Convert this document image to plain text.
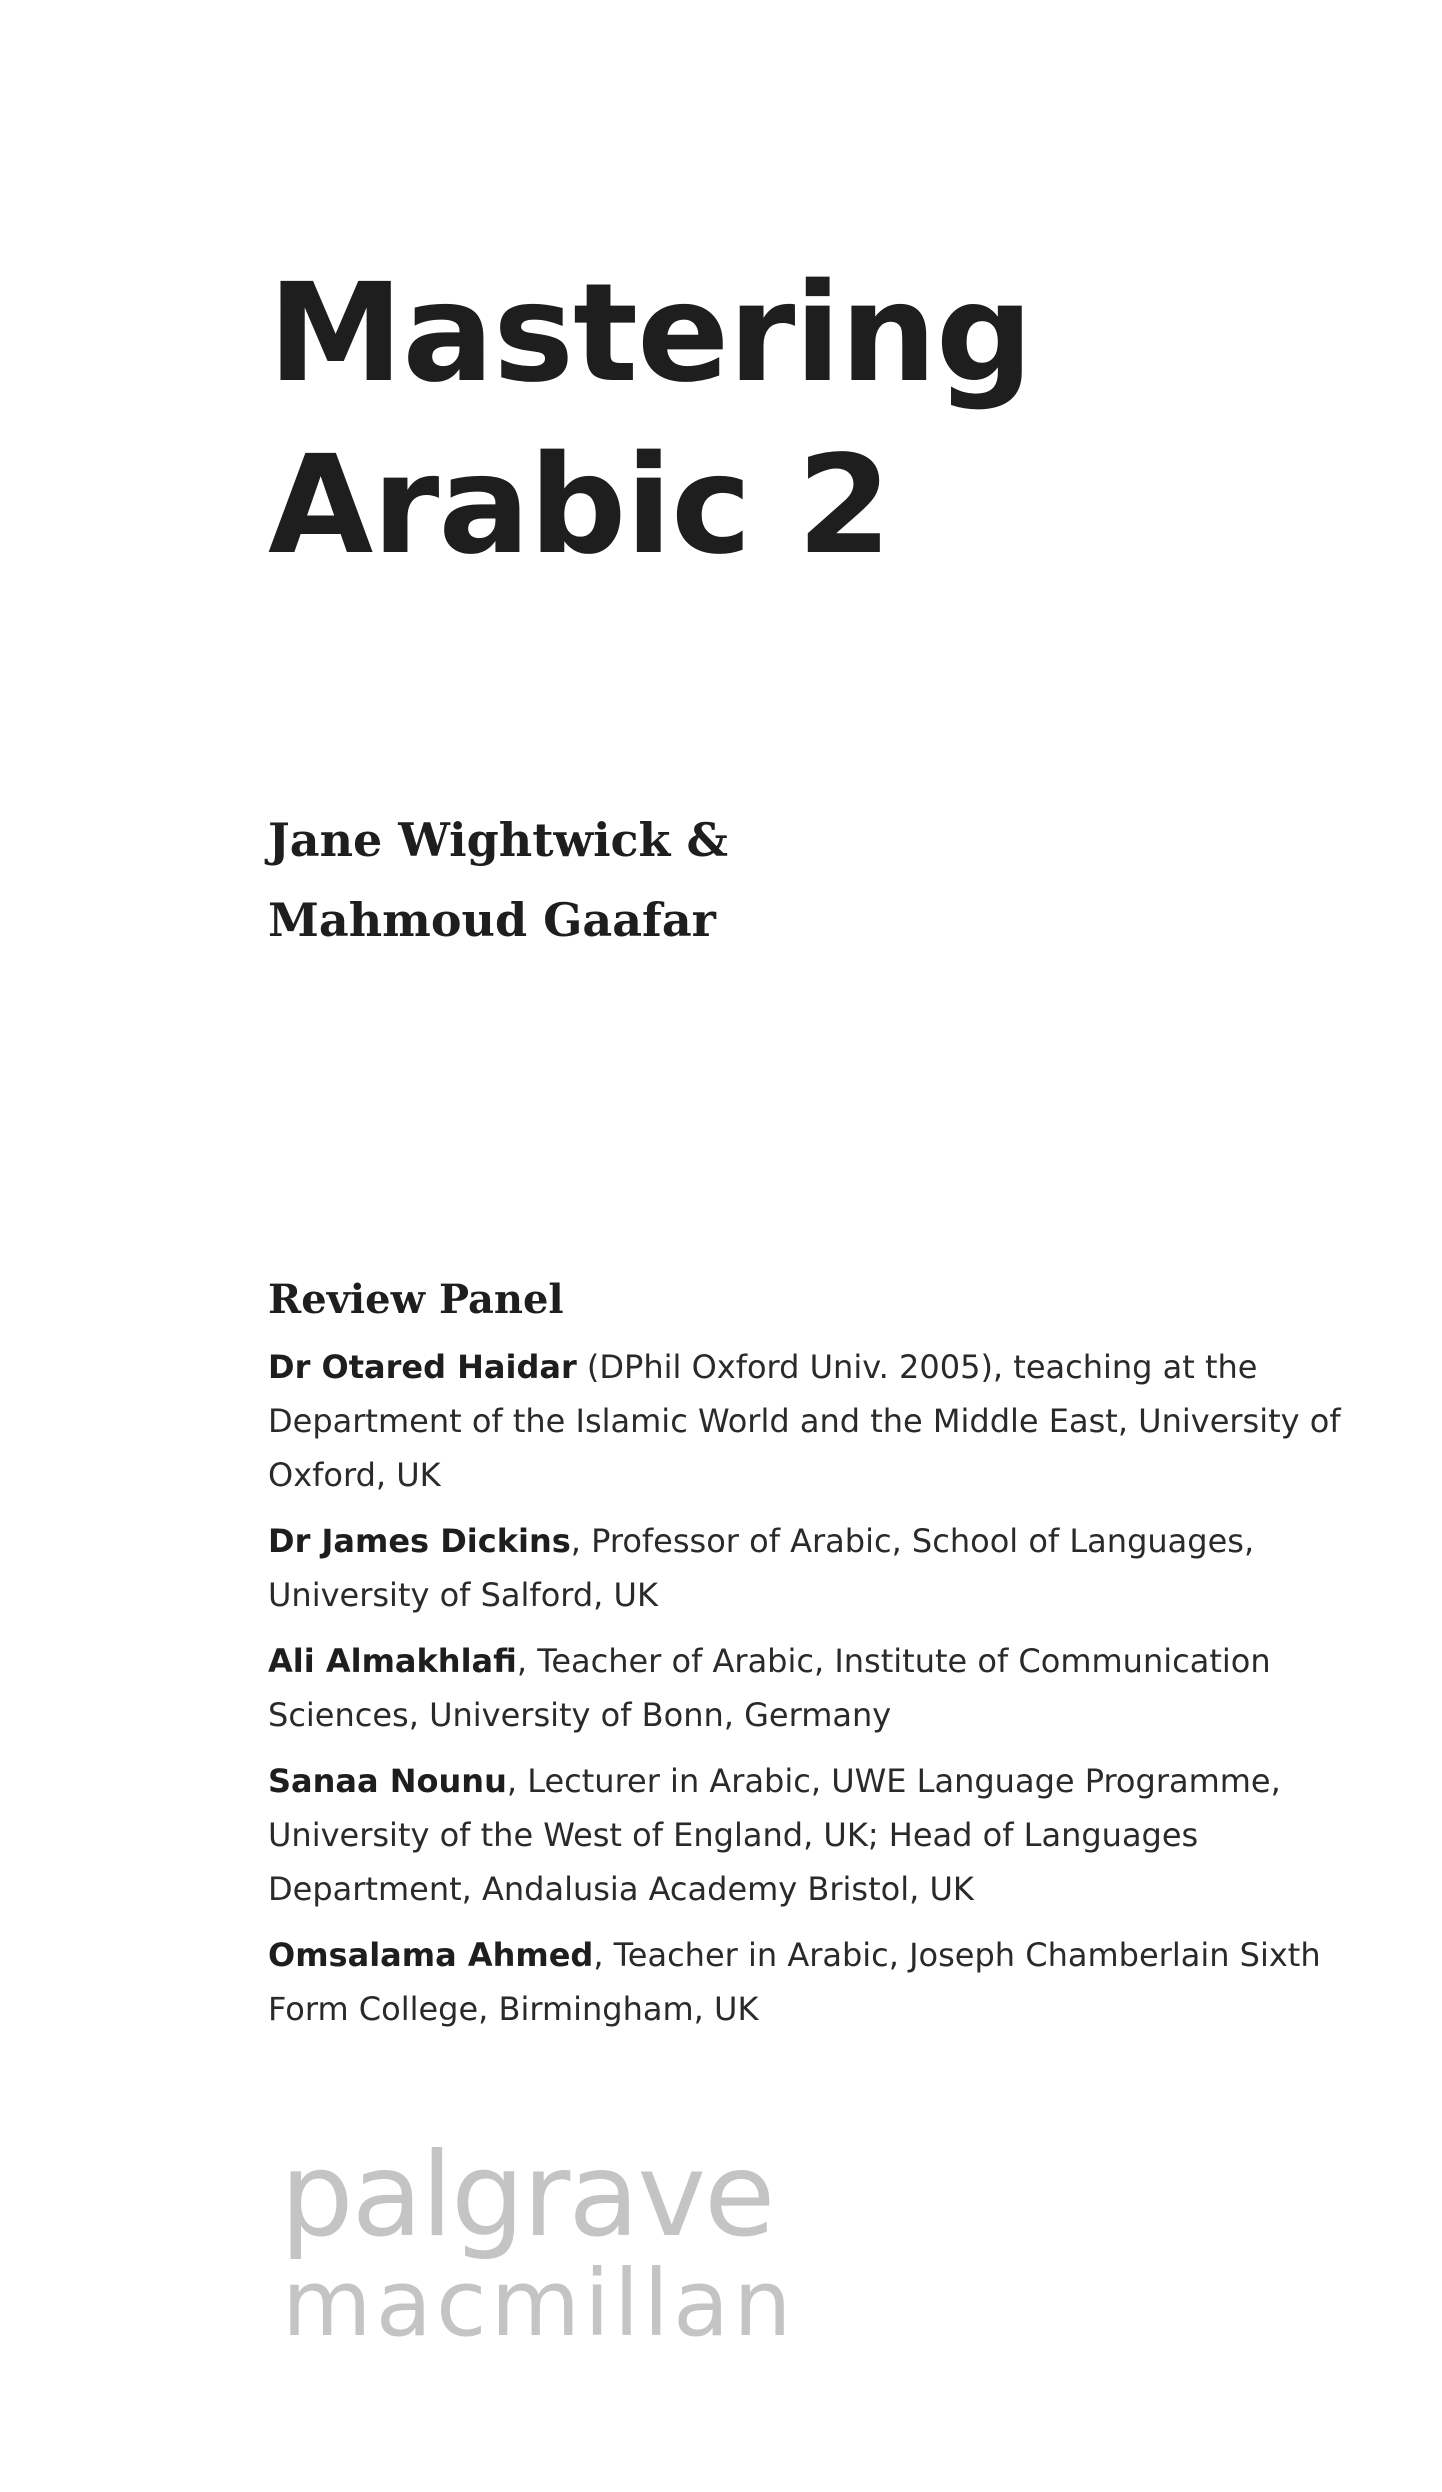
Mastering
Arabic 2
Jane Wightwick &
Mahmoud Gaafar
Review Panel

Dr Otared Haidar (DPhil Oxford Univ. 2005), teaching at the Department of the Islamic World and the Middle East, University of Oxford, UK

Dr James Dickins, Professor of Arabic, School of Languages, University of Salford, UK

Ali Almakhlafi, Teacher of Arabic, Institute of Communication Sciences, University of Bonn, Germany

Sanaa Nounu, Lecturer in Arabic, UWE Language Programme, University of the West of England, UK; Head of Languages Department, Andalusia Academy Bristol, UK

Omsalama Ahmed, Teacher in Arabic, Joseph Chamberlain Sixth Form College, Birmingham, UK

palgrave
macmillan
